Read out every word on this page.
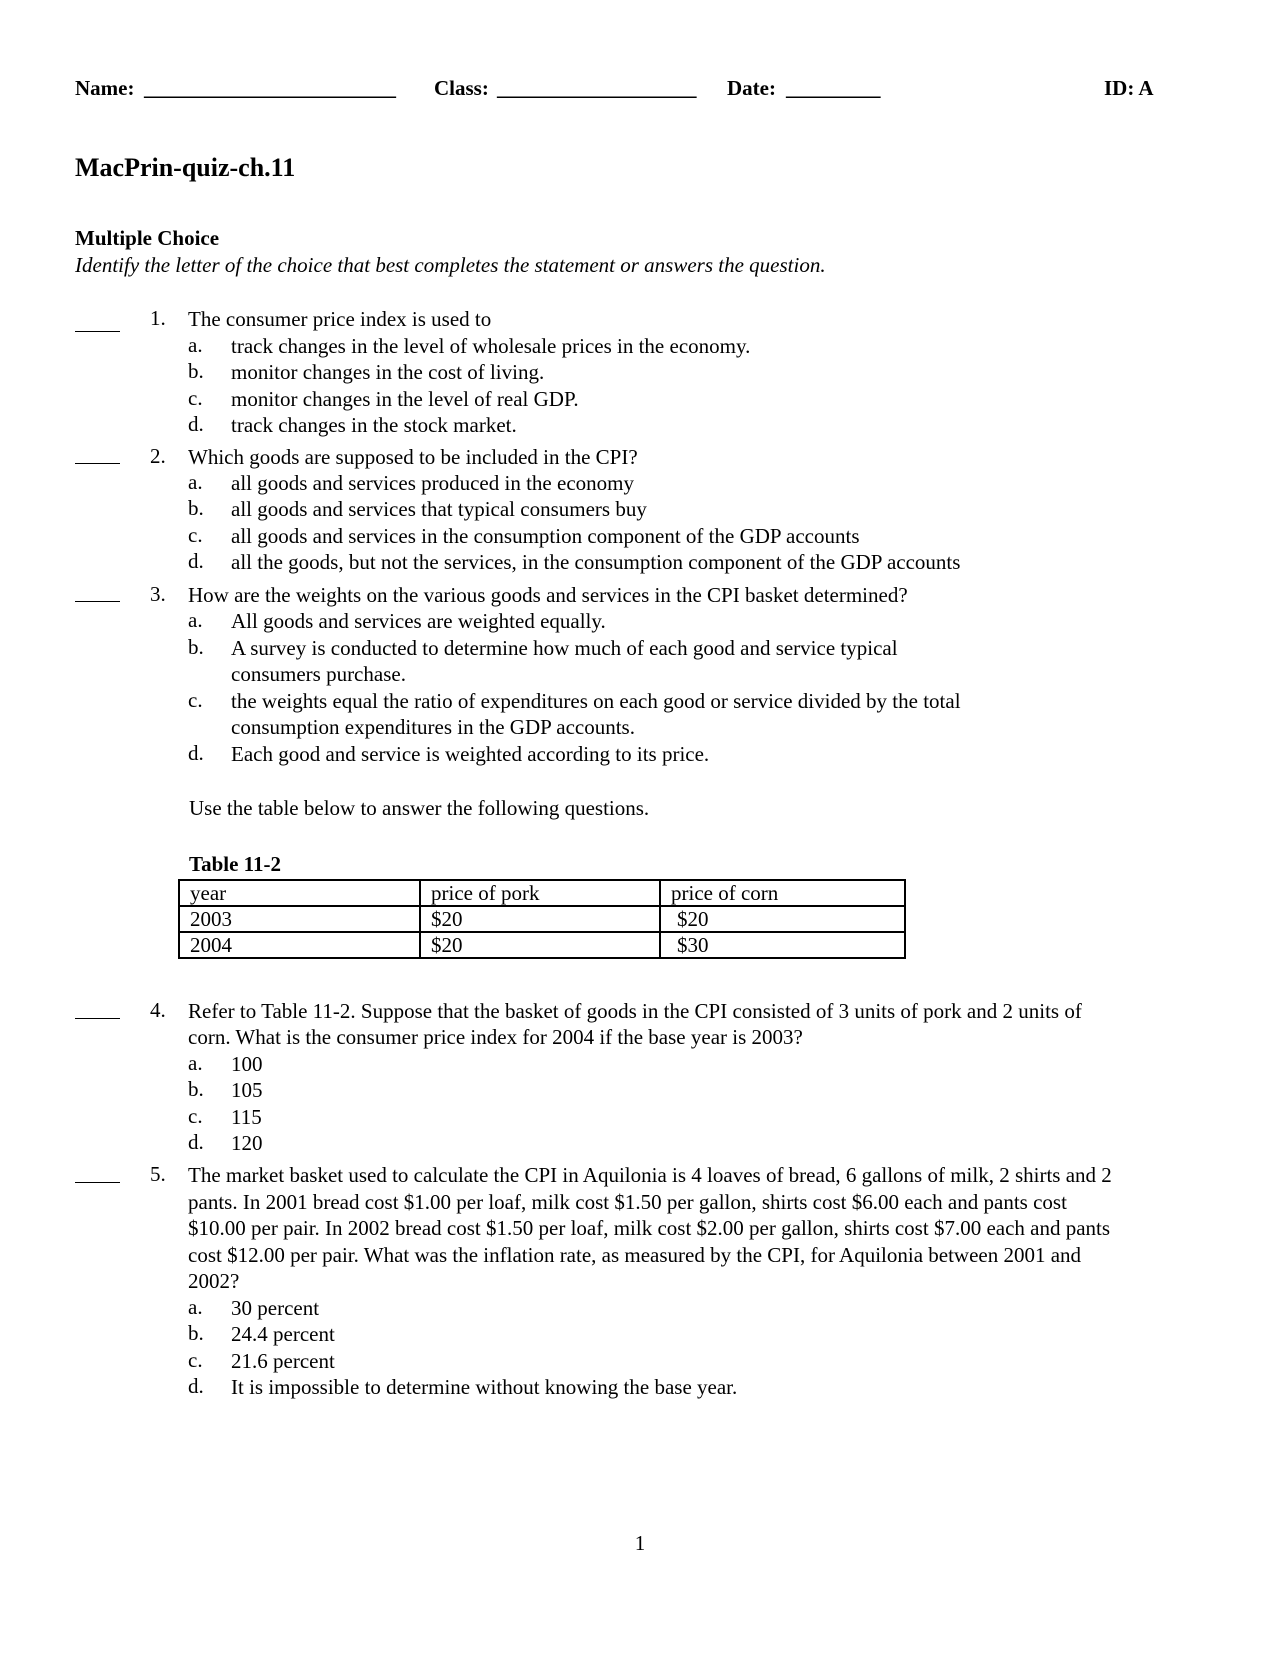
Name: ________________________ Class: ___________________ Date: _________	ID: A
MacPrin-quiz-ch.11
Multiple Choice
Identify the letter of the choice that best completes the statement or answers the question.
1. The consumer price index is used to
a. track changes in the level of wholesale prices in the economy.
b. monitor changes in the cost of living.
c. monitor changes in the level of real GDP.
d. track changes in the stock market.
2. Which goods are supposed to be included in the CPI?
a. all goods and services produced in the economy
b. all goods and services that typical consumers buy
c. all goods and services in the consumption component of the GDP accounts
d. all the goods, but not the services, in the consumption component of the GDP accounts
3. How are the weights on the various goods and services in the CPI basket determined?
a. All goods and services are weighted equally.
b. A survey is conducted to determine how much of each good and service typical
consumers purchase.
c. the weights equal the ratio of expenditures on each good or service divided by the total
consumption expenditures in the GDP accounts.
d. Each good and service is weighted according to its price.
Use the table below to answer the following questions.
Table 11-2
year	price of pork	price of corn
2003	$20	$20
2004	$20	$30
4. Refer to Table 11-2. Suppose that the basket of goods in the CPI consisted of 3 units of pork and 2 units of
corn. What is the consumer price index for 2004 if the base year is 2003?
a. 100
b. 105
c. 115
d. 120
5. The market basket used to calculate the CPI in Aquilonia is 4 loaves of bread, 6 gallons of milk, 2 shirts and 2
pants. In 2001 bread cost $1.00 per loaf, milk cost $1.50 per gallon, shirts cost $6.00 each and pants cost
$10.00 per pair. In 2002 bread cost $1.50 per loaf, milk cost $2.00 per gallon, shirts cost $7.00 each and pants
cost $12.00 per pair. What was the inflation rate, as measured by the CPI, for Aquilonia between 2001 and
2002?
a. 30 percent
b. 24.4 percent
c. 21.6 percent
d. It is impossible to determine without knowing the base year.
1
